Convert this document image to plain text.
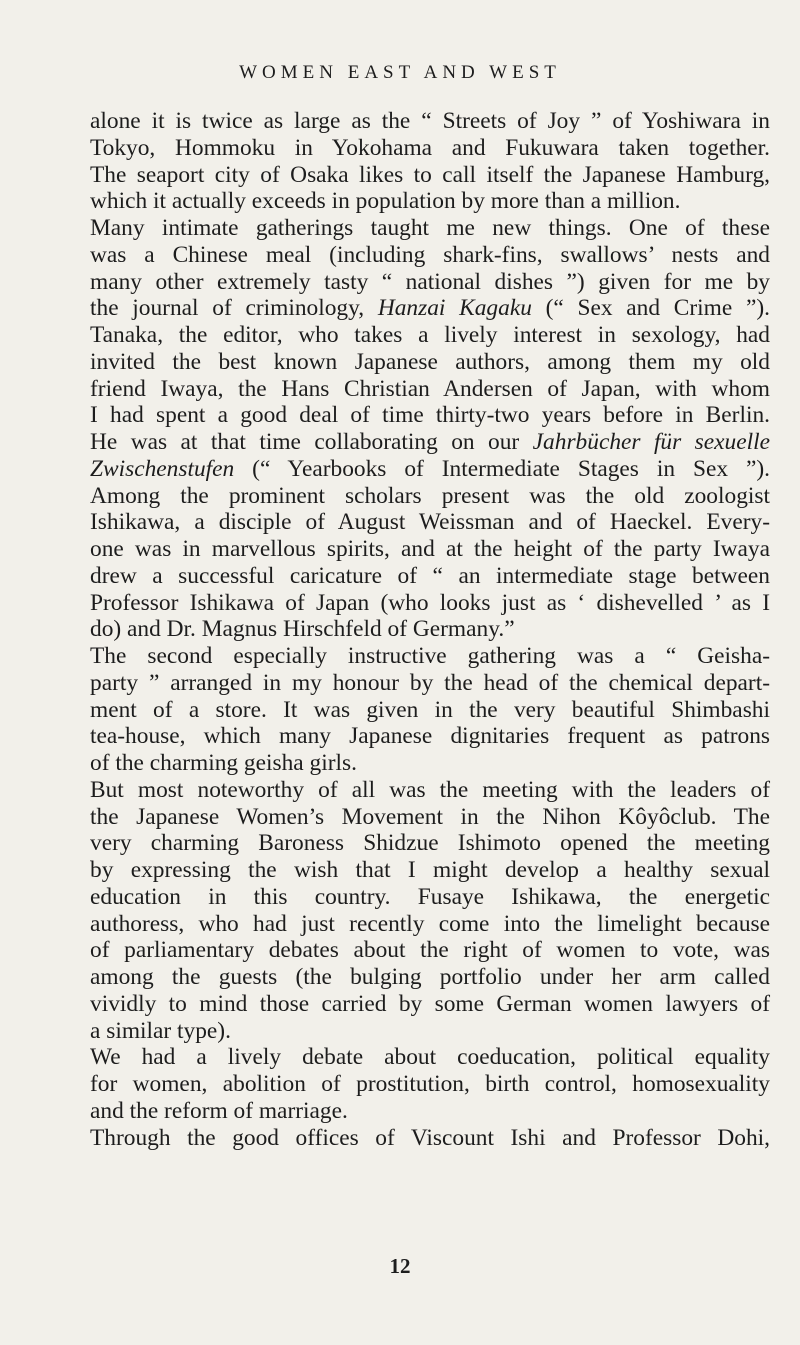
WOMEN EAST AND WEST

alone it is twice as large as the “ Streets of Joy ” of Yoshiwara in

Tokyo, Hommoku in Yokohama and Fukuwara taken together.

The seaport city of Osaka likes to call itself the Japanese Hamburg,

which it actually exceeds in population by more than a million.

Many intimate gatherings taught me new things. One of these

was a Chinese meal (including shark-fins, swallows’ nests and

many other extremely tasty “ national dishes ”) given for me by

the journal of criminology, Hanzai Kagaku (“ Sex and Crime ”).

Tanaka, the editor, who takes a lively interest in sexology, had

invited the best known Japanese authors, among them my old

friend Iwaya, the Hans Christian Andersen of Japan, with whom

I had spent a good deal of time thirty-two years before in Berlin.

He was at that time collaborating on our Jahrbücher für sexuelle

Zwischenstufen (“ Yearbooks of Intermediate Stages in Sex ”).

Among the prominent scholars present was the old zoologist

Ishikawa, a disciple of August Weissman and of Haeckel. Every-

one was in marvellous spirits, and at the height of the party Iwaya

drew a successful caricature of “ an intermediate stage between

Professor Ishikawa of Japan (who looks just as ‘ dishevelled ’ as I

do) and Dr. Magnus Hirschfeld of Germany.”

The second especially instructive gathering was a “ Geisha-

party ” arranged in my honour by the head of the chemical depart-

ment of a store. It was given in the very beautiful Shimbashi

tea-house, which many Japanese dignitaries frequent as patrons

of the charming geisha girls.

But most noteworthy of all was the meeting with the leaders of

the Japanese Women’s Movement in the Nihon Kôyôclub. The

very charming Baroness Shidzue Ishimoto opened the meeting

by expressing the wish that I might develop a healthy sexual

education in this country. Fusaye Ishikawa, the energetic

authoress, who had just recently come into the limelight because

of parliamentary debates about the right of women to vote, was

among the guests (the bulging portfolio under her arm called

vividly to mind those carried by some German women lawyers of

a similar type).

We had a lively debate about coeducation, political equality

for women, abolition of prostitution, birth control, homosexuality

and the reform of marriage.

Through the good offices of Viscount Ishi and Professor Dohi,

12
